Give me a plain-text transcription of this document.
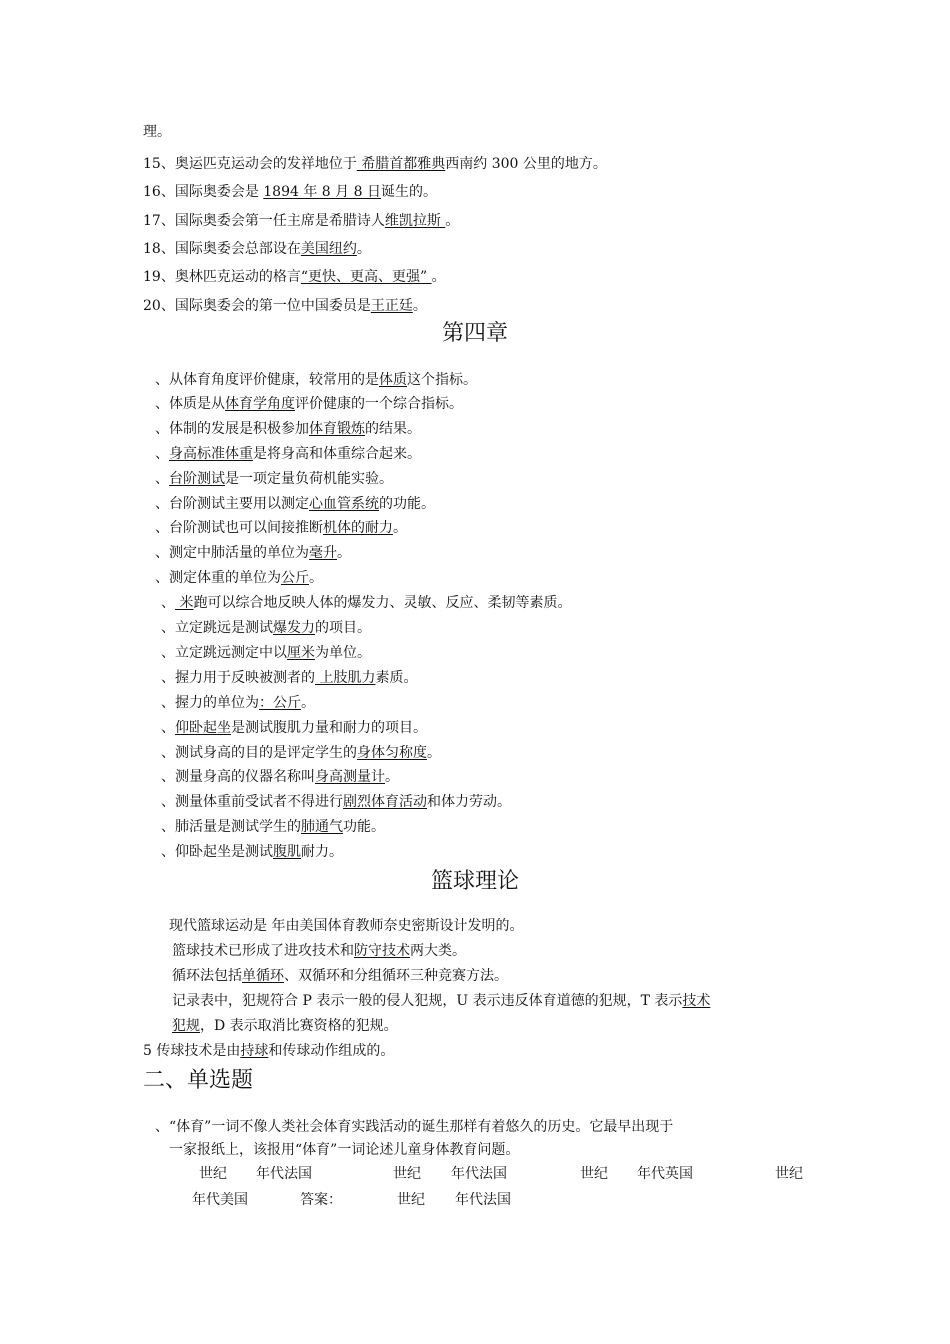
理。
15、奥运匹克运动会的发祥地位于 希腊首都雅典西南约 300 公里的地方。
16、国际奥委会是 1894 年 8 月 8 日诞生的。
17、国际奥委会第一任主席是希腊诗人维凯拉斯 。
18、国际奥委会总部设在美国纽约。
19、奥林匹克运动的格言“更快、更高、更强” 。
20、国际奥委会的第一位中国委员是王正廷。
第四章
、从体育角度评价健康，较常用的是体质这个指标。
、体质是从体育学角度评价健康的一个综合指标。
、体制的发展是积极参加体育锻炼的结果。
、身高标准体重是将身高和体重综合起来。
、台阶测试是一项定量负荷机能实验。
、台阶测试主要用以测定心血管系统的功能。
、台阶测试也可以间接推断机体的耐力。
、测定中肺活量的单位为毫升。
、测定体重的单位为公斤。
、 米跑可以综合地反映人体的爆发力、灵敏、反应、柔韧等素质。
、立定跳远是测试爆发力的项目。
、立定跳远测定中以厘米为单位。
、握力用于反映被测者的 上肢肌力素质。
、握力的单位为：公斤。
、仰卧起坐是测试腹肌力量和耐力的项目。
、测试身高的目的是评定学生的身体匀称度。
、测量身高的仪器名称叫身高测量计。
、测量体重前受试者不得进行剧烈体育活动和体力劳动。
、肺活量是测试学生的肺通气功能。
、仰卧起坐是测试腹肌耐力。
篮球理论
现代篮球运动是 年由美国体育教师奈史密斯设计发明的。
篮球技术已形成了进攻技术和防守技术两大类。
循环法包括单循环、双循环和分组循环三种竞赛方法。
记录表中，犯规符合 P 表示一般的侵人犯规，U 表示违反体育道德的犯规，T 表示技术
犯规，D 表示取消比赛资格的犯规。
5 传球技术是由持球和传球动作组成的。
二、单选题
、“体育”一词不像人类社会体育实践活动的诞生那样有着悠久的历史。它最早出现于
一家报纸上，该报用“体育”一词论述儿童身体教育问题。
世纪 年代法国	世纪 年代法国	世纪 年代英国	世纪
年代美国	答案：	世纪 年代法国
